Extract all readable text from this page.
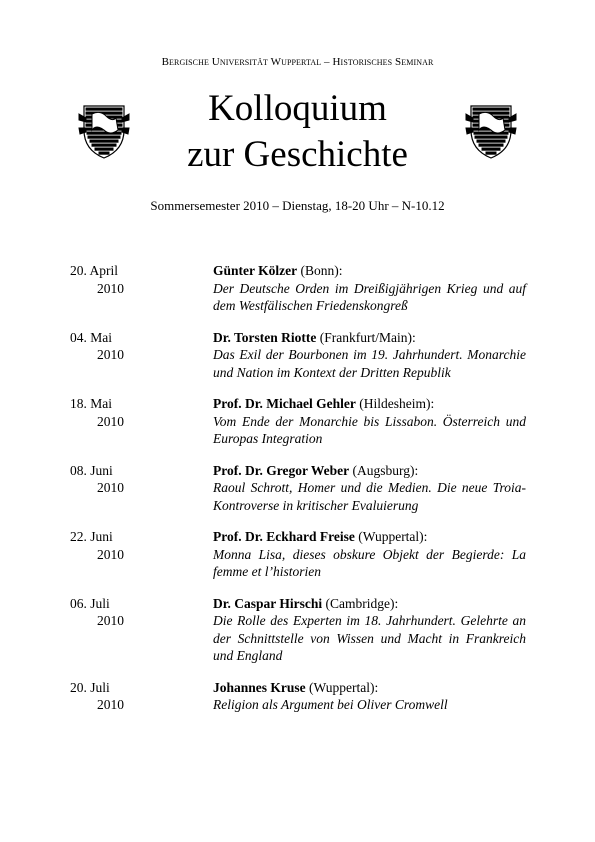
Bergische Universität Wuppertal – Historisches Seminar
Kolloquium
zur Geschichte
Sommersemester 2010 – Dienstag, 18-20 Uhr – N-10.12
20. April
2010
Günter Kölzer (Bonn):
Der Deutsche Orden im Dreißigjährigen Krieg und auf dem Westfälischen Friedenskongreß
04. Mai
2010
Dr. Torsten Riotte (Frankfurt/Main):
Das Exil der Bourbonen im 19. Jahrhundert. Monarchie und Nation im Kontext der Dritten Republik
18. Mai
2010
Prof. Dr. Michael Gehler (Hildesheim):
Vom Ende der Monarchie bis Lissabon. Österreich und Europas Integration
08. Juni
2010
Prof. Dr. Gregor Weber (Augsburg):
Raoul Schrott, Homer und die Medien. Die neue Troia-Kontroverse in kritischer Evaluierung
22. Juni
2010
Prof. Dr. Eckhard Freise (Wuppertal):
Monna Lisa, dieses obskure Objekt der Begierde: La femme et l’historien
06. Juli
2010
Dr. Caspar Hirschi (Cambridge):
Die Rolle des Experten im 18. Jahrhundert. Gelehrte an der Schnittstelle von Wissen und Macht in Frankreich und England
20. Juli
2010
Johannes Kruse (Wuppertal):
Religion als Argument bei Oliver Cromwell
